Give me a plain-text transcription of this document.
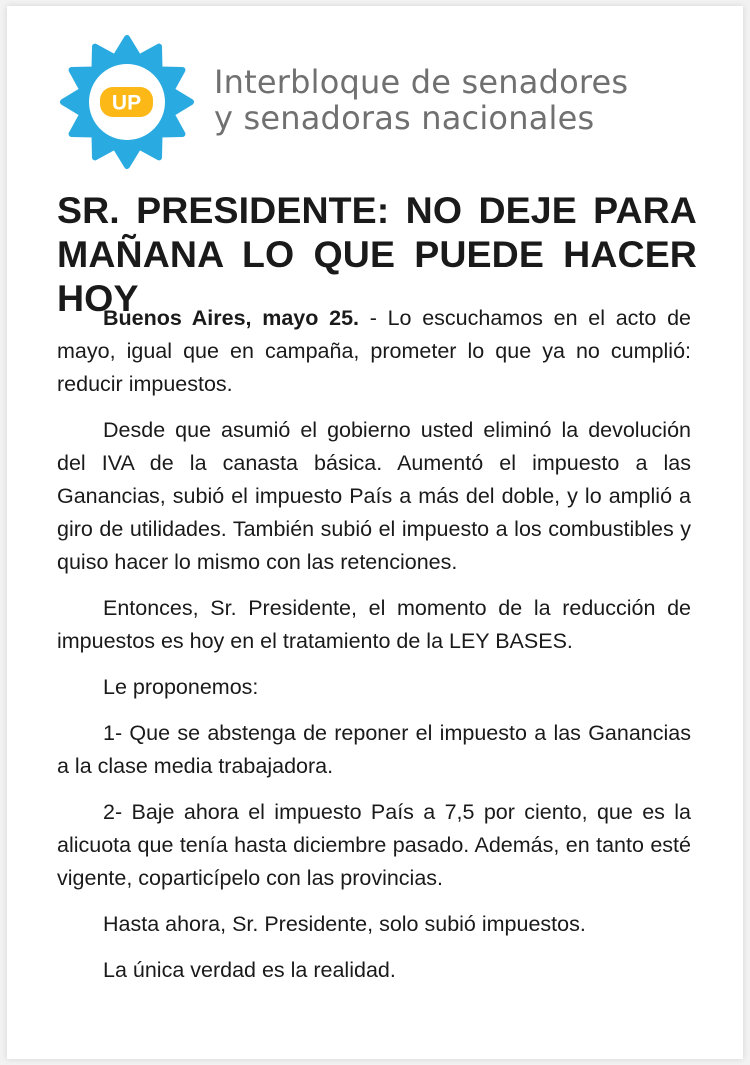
UP
Interbloque de senadores
y senadoras nacionales
SR. PRESIDENTE: NO DEJE PARA MAÑANA LO QUE PUEDE HACER HOY

Buenos Aires, mayo 25. - Lo escuchamos en el acto de mayo, igual que en campaña, prometer lo que ya no cumplió: reducir impuestos.

Desde que asumió el gobierno usted eliminó la devolución del IVA de la canasta básica. Aumentó el impuesto a las Ganancias, subió el impuesto País a más del doble, y lo amplió a giro de utilidades. También subió el impuesto a los combustibles y quiso hacer lo mismo con las retenciones.

Entonces, Sr. Presidente, el momento de la reducción de impuestos es hoy en el tratamiento de la LEY BASES.

Le proponemos:

1- Que se abstenga de reponer el impuesto a las Ganancias a la clase media trabajadora.

2- Baje ahora el impuesto País a 7,5 por ciento, que es la alicuota que tenía hasta diciembre pasado. Además, en tanto esté vigente, coparticípelo con las provincias.

Hasta ahora, Sr. Presidente, solo subió impuestos.

La única verdad es la realidad.
